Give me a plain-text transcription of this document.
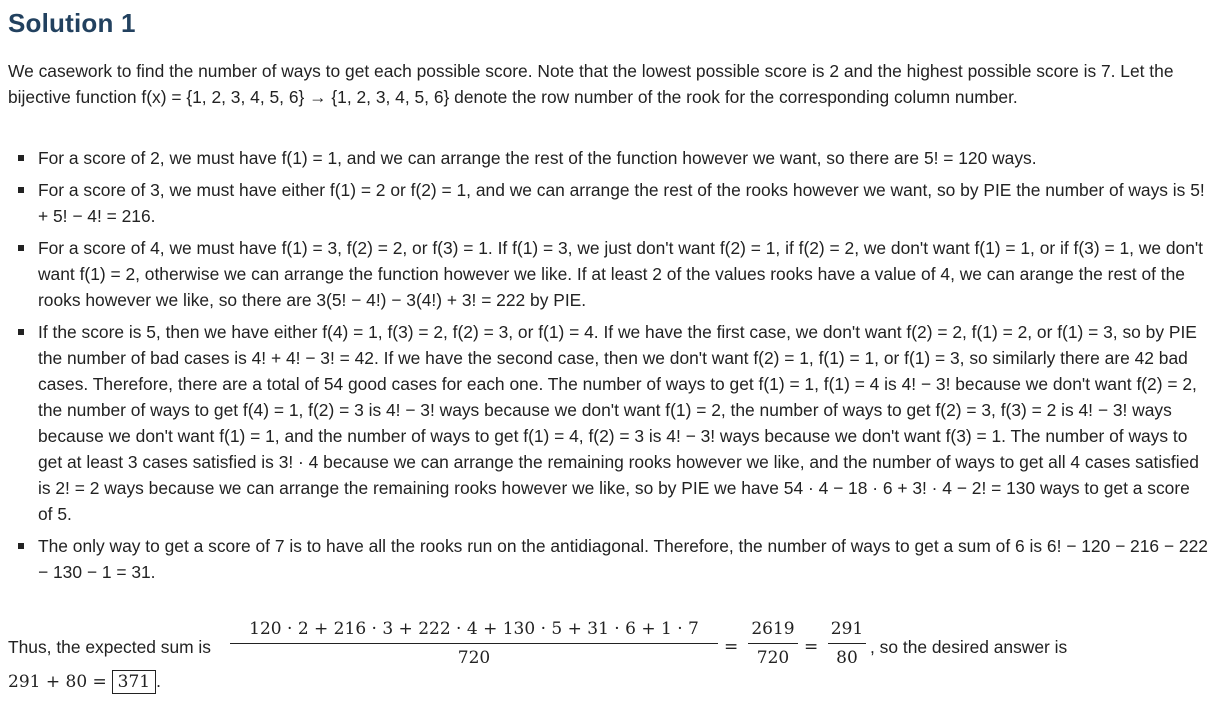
Solution 1

We casework to find the number of ways to get each possible score. Note that the lowest possible score is 2 and the highest possible score is 7. Let the bijective function f(x) = {1, 2, 3, 4, 5, 6} → {1, 2, 3, 4, 5, 6} denote the row number of the rook for the corresponding column number.

For a score of 2, we must have f(1) = 1, and we can arrange the rest of the function however we want, so there are 5! = 120 ways.
For a score of 3, we must have either f(1) = 2 or f(2) = 1, and we can arrange the rest of the rooks however we want, so by PIE the number of ways is 5! + 5! − 4! = 216.
For a score of 4, we must have f(1) = 3, f(2) = 2, or f(3) = 1. If f(1) = 3, we just don't want f(2) = 1, if f(2) = 2, we don't want f(1) = 1, or if f(3) = 1, we don't want f(1) = 2, otherwise we can arrange the function however we like. If at least 2 of the values rooks have a value of 4, we can arange the rest of the rooks however we like, so there are 3(5! − 4!) − 3(4!) + 3! = 222 by PIE.
If the score is 5, then we have either f(4) = 1, f(3) = 2, f(2) = 3, or f(1) = 4. If we have the first case, we don't want f(2) = 2, f(1) = 2, or f(1) = 3, so by PIE the number of bad cases is 4! + 4! − 3! = 42. If we have the second case, then we don't want f(2) = 1, f(1) = 1, or f(1) = 3, so similarly there are 42 bad cases. Therefore, there are a total of 54 good cases for each one. The number of ways to get f(1) = 1, f(1) = 4 is 4! − 3! because we don't want f(2) = 2, the number of ways to get f(4) = 1, f(2) = 3 is 4! − 3! ways because we don't want f(1) = 2, the number of ways to get f(2) = 3, f(3) = 2 is 4! − 3! ways because we don't want f(1) = 1, and the number of ways to get f(1) = 4, f(2) = 3 is 4! − 3! ways because we don't want f(3) = 1. The number of ways to get at least 3 cases satisfied is 3! · 4 because we can arrange the remaining rooks however we like, and the number of ways to get all 4 cases satisfied is 2! = 2 ways because we can arrange the remaining rooks however we like, so by PIE we have 54 · 4 − 18 · 6 + 3! · 4 − 2! = 130 ways to get a score of 5.
The only way to get a score of 7 is to have all the rooks run on the antidiagonal. Therefore, the number of ways to get a sum of 6 is 6! − 120 − 216 − 222 − 130 − 1 = 31.
Thus, the expected sum is
120 · 2 + 216 · 3 + 222 · 4 + 130 · 5 + 31 · 6 + 1 · 7
720
=
2619
720
=
291
80
, so the desired answer is
291 + 80 = 371 .
